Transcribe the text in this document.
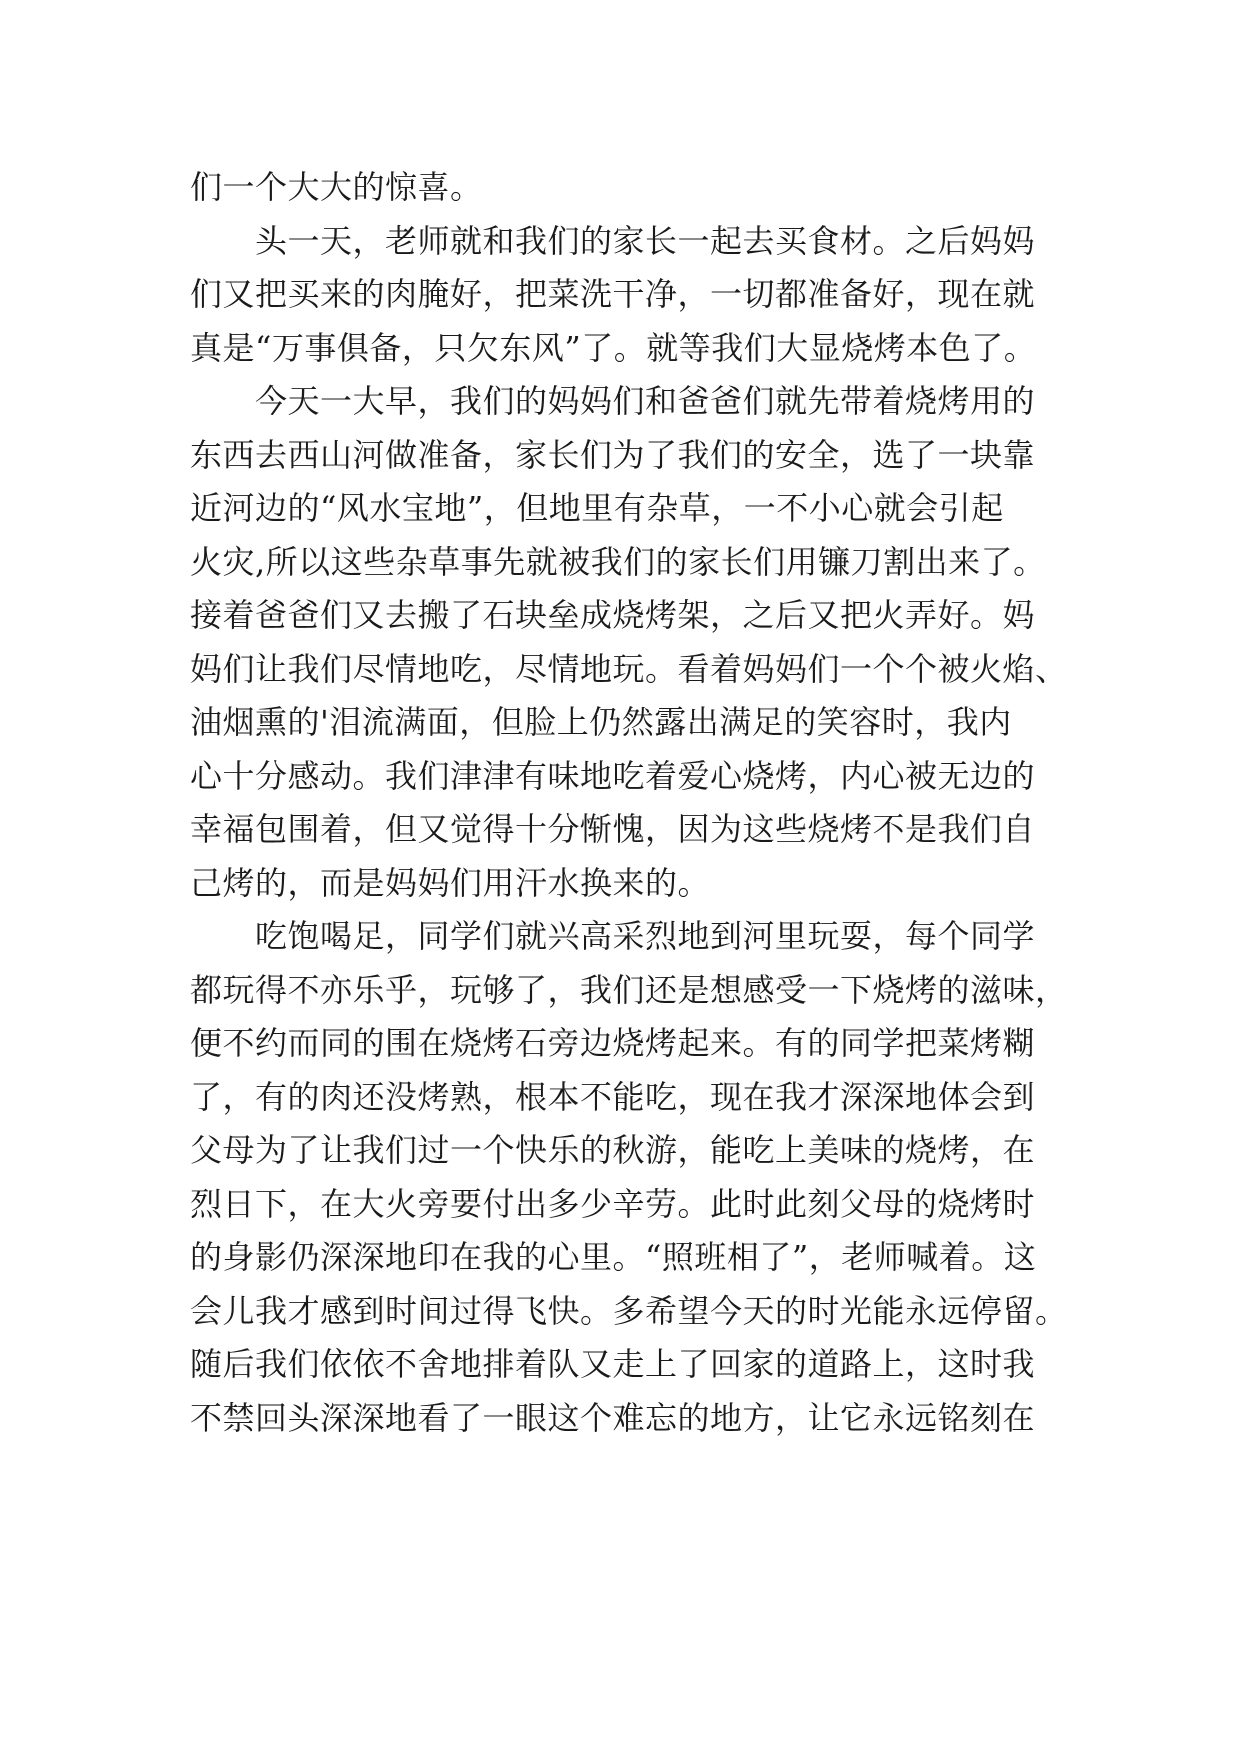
们一个大大的惊喜。
　　头一天，老师就和我们的家长一起去买食材。之后妈妈
们又把买来的肉腌好，把菜洗干净，一切都准备好，现在就
真是“万事俱备，只欠东风”了。就等我们大显烧烤本色了。
　　今天一大早，我们的妈妈们和爸爸们就先带着烧烤用的
东西去西山河做准备，家长们为了我们的安全，选了一块靠
近河边的“风水宝地”，但地里有杂草，一不小心就会引起
火灾,所以这些杂草事先就被我们的家长们用镰刀割出来了。
接着爸爸们又去搬了石块垒成烧烤架，之后又把火弄好。妈
妈们让我们尽情地吃，尽情地玩。看着妈妈们一个个被火焰、
油烟熏的'泪流满面，但脸上仍然露出满足的笑容时，我内
心十分感动。我们津津有味地吃着爱心烧烤，内心被无边的
幸福包围着，但又觉得十分惭愧，因为这些烧烤不是我们自
己烤的，而是妈妈们用汗水换来的。
　　吃饱喝足，同学们就兴高采烈地到河里玩耍，每个同学
都玩得不亦乐乎，玩够了，我们还是想感受一下烧烤的滋味，
便不约而同的围在烧烤石旁边烧烤起来。有的同学把菜烤糊
了，有的肉还没烤熟，根本不能吃，现在我才深深地体会到
父母为了让我们过一个快乐的秋游，能吃上美味的烧烤，在
烈日下，在大火旁要付出多少辛劳。此时此刻父母的烧烤时
的身影仍深深地印在我的心里。“照班相了”，老师喊着。这
会儿我才感到时间过得飞快。多希望今天的时光能永远停留。
随后我们依依不舍地排着队又走上了回家的道路上，这时我
不禁回头深深地看了一眼这个难忘的地方，让它永远铭刻在
